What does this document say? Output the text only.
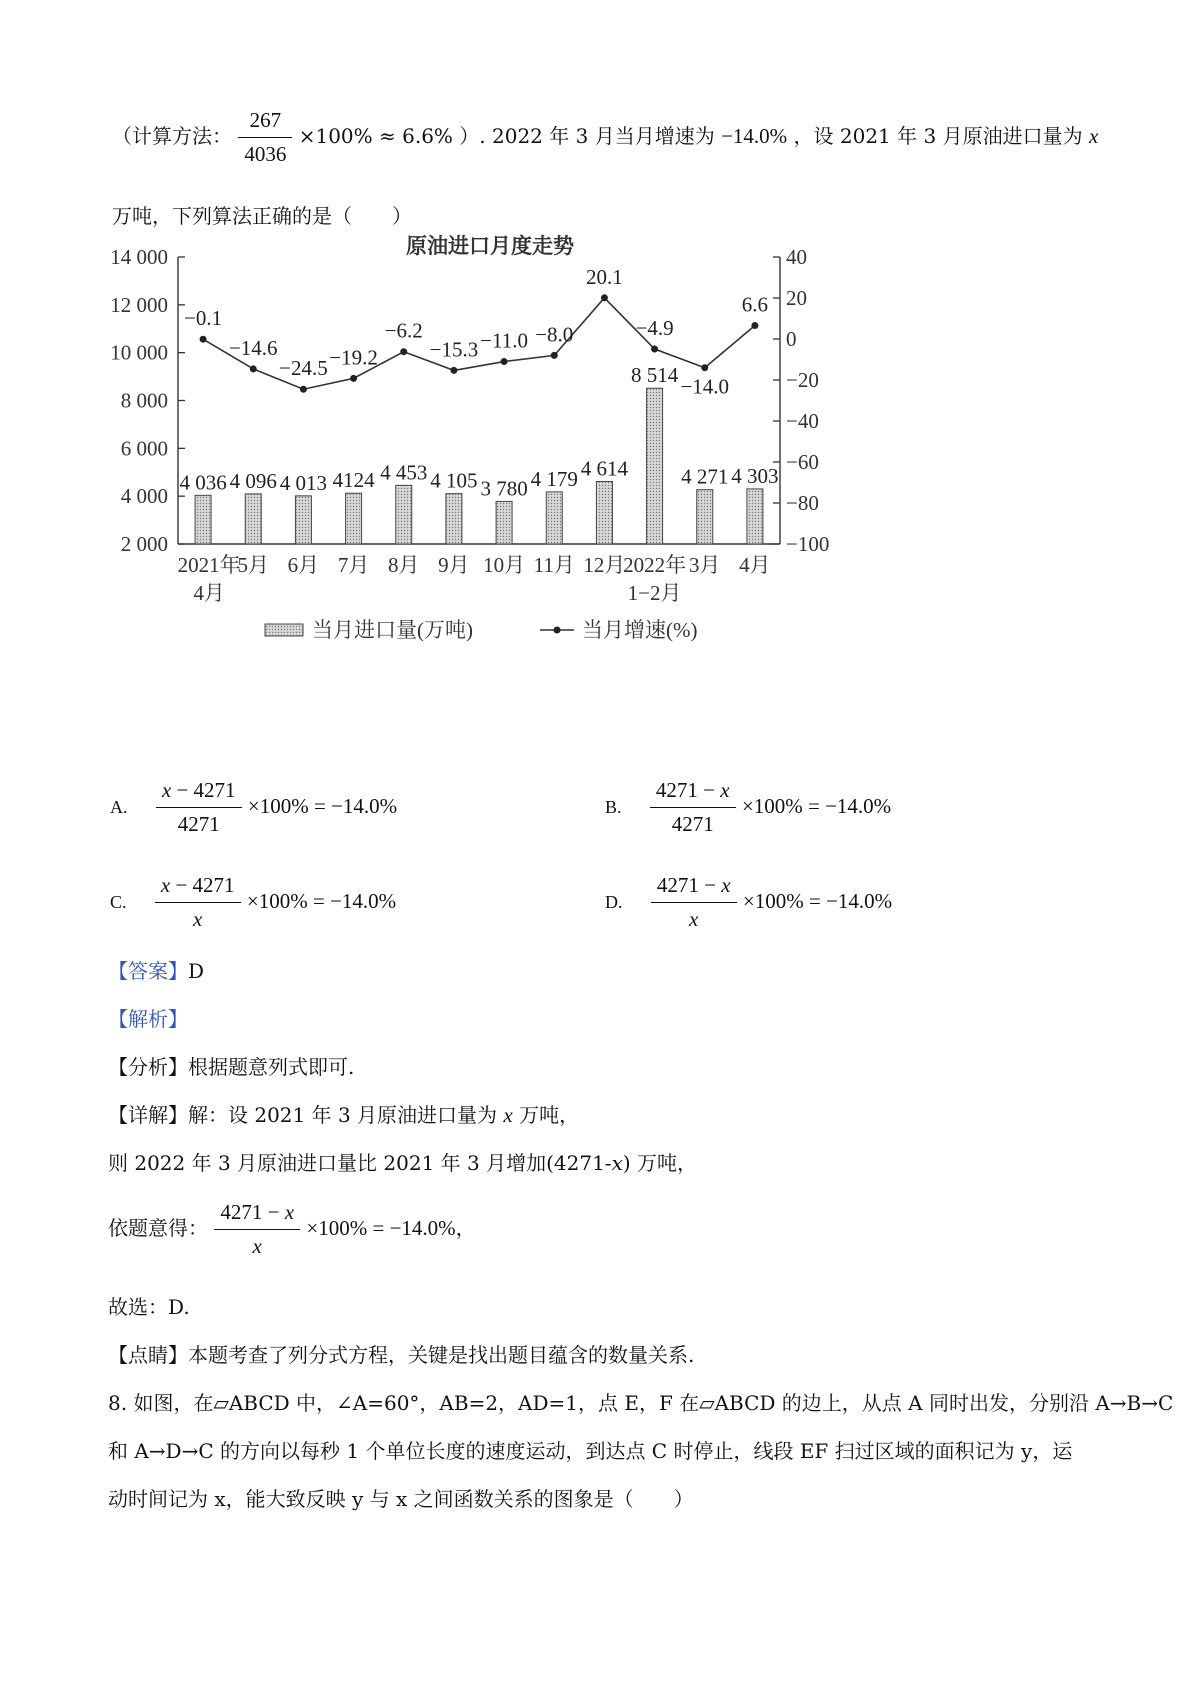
（计算方法： $\frac{267}{4036} \times 100\% \approx 6.6\%$ ）. 2022 年 3 月当月增速为 −14.0% ，设 2021 年 3 月原油进口量为 x
万吨，下列算法正确的是（　　）
原油进口月度走势
2 000
4 000
6 000
8 000
10 000
12 000
14 000
−100
−80
−60
−40
−20
0
20
40
4 036 4 096 4 013 4124 4 453 4 105 3 780 4 179 4 614
8 514
4 271 4 303
−0.1
−14.6
−24.5 −19.2
−6.2
−15.3 −11.0 −8.0
20.1
−4.9
−14.0
6.6
2021年
4月
5月 6月 7月 8月 9月 10月 11月 12月
2022年
1−2月
3月 4月
当月进口量(万吨)	当月增速(%)
A. $\frac{x - 4271}{4271} \times 100\% = -14.0\%$	B. $\frac{4271 - x}{4271} \times 100\% = -14.0\%$
C. $\frac{x - 4271}{x} \times 100\% = -14.0\%$	D. $\frac{4271 - x}{x} \times 100\% = -14.0\%$
【答案】D
【解析】
【分析】根据题意列式即可.
【详解】解：设 2021 年 3 月原油进口量为 x 万吨，
则 2022 年 3 月原油进口量比 2021 年 3 月增加(4271-x) 万吨，
依题意得： $\frac{4271 - x}{x} \times 100\% = -14.0\%$，
故选：D.
【点睛】本题考查了列分式方程，关键是找出题目蕴含的数量关系.
8. 如图，在▱ABCD 中，∠A=60°，AB=2，AD=1，点 E，F 在▱ABCD 的边上，从点 A 同时出发，分别沿 A→B→C
和 A→D→C 的方向以每秒 1 个单位长度的速度运动，到达点 C 时停止，线段 EF 扫过区域的面积记为 y，运
动时间记为 x，能大致反映 y 与 x 之间函数关系的图象是（　　）
